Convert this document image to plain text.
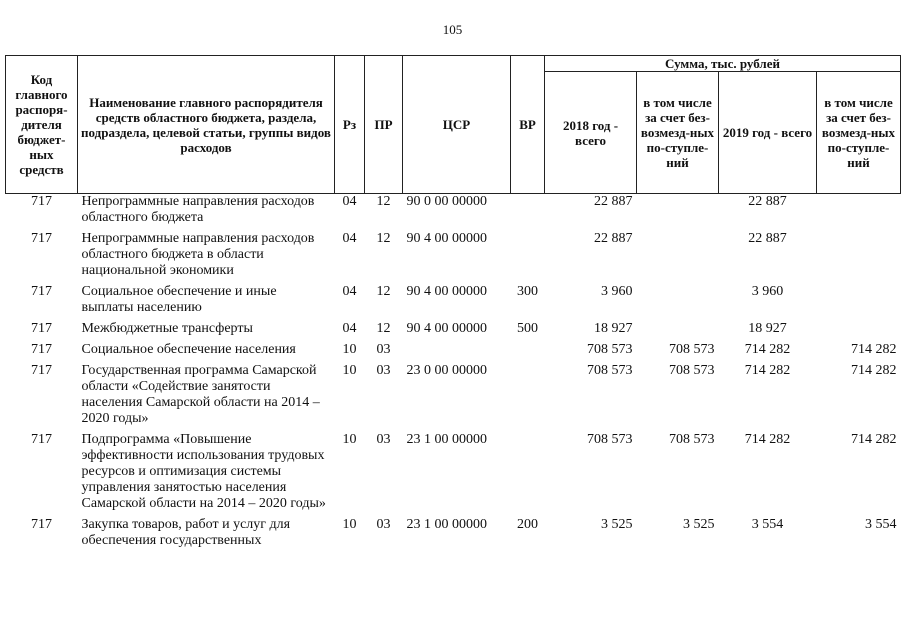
105
Код главного распоря-дителя бюджет-ных средств	Наименование главного распорядителя средств областного бюджета, раздела, подраздела, целевой статьи, группы видов расходов	Рз	ПР	ЦСР	ВР	Сумма, тыс. рублей			
						2018 год - всего	в том числе за счет без-возмезд-ных по-ступле-ний	2019 год - всего	в том числе за счет без-возмезд-ных по-ступле-ний
717	Непрограммные направления расходов областного бюджета	04	12	90 0 00 00000		22 887		22 887	
717	Непрограммные направления расходов областного бюджета в области национальной экономики	04	12	90 4 00 00000		22 887		22 887	
717	Социальное обеспечение и иные выплаты населению	04	12	90 4 00 00000	300	3 960		3 960	
717	Межбюджетные трансферты	04	12	90 4 00 00000	500	18 927		18 927	
717	Социальное обеспечение населения	10	03			708 573	708 573	714 282	714 282
717	Государственная программа Самарской области «Содействие занятости населения Самарской области на 2014 – 2020 годы»	10	03	23 0 00 00000		708 573	708 573	714 282	714 282
717	Подпрограмма «Повышение эффективности использования трудовых ресурсов и оптимизация системы управления занятостью населения Самарской области на 2014 – 2020 годы»	10	03	23 1 00 00000		708 573	708 573	714 282	714 282
717	Закупка товаров, работ и услуг для обеспечения государственных	10	03	23 1 00 00000	200	3 525	3 525	3 554	3 554
